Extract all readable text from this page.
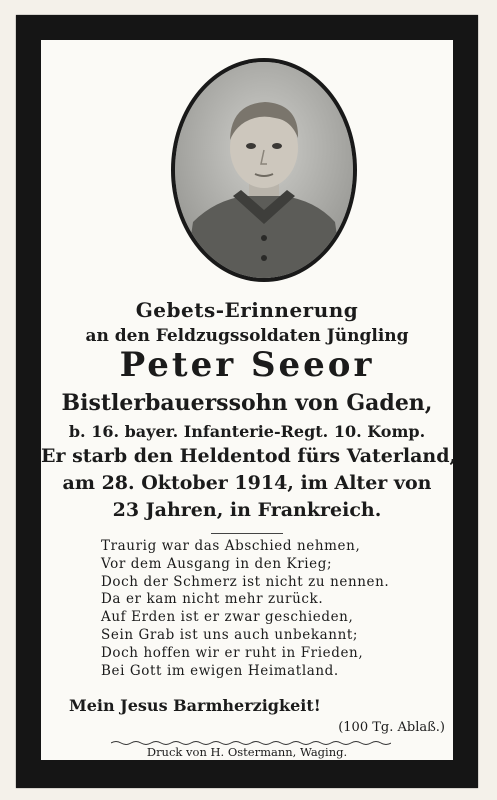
Gebets-Erinnerung
an den Feldzugssoldaten Jüngling
Peter Seeor
Bistlerbauerssohn von Gaden,
b. 16. bayer. Infanterie-Regt. 10. Komp.
Er starb den Heldentod fürs Vaterland,
am 28. Oktober 1914, im Alter von
23 Jahren, in Frankreich.
Traurig war das Abschied nehmen,
Vor dem Ausgang in den Krieg;
Doch der Schmerz ist nicht zu nennen.
Da er kam nicht mehr zurück.
Auf Erden ist er zwar geschieden,
Sein Grab ist uns auch unbekannt;
Doch hoffen wir er ruht in Frieden,
Bei Gott im ewigen Heimatland.
Mein Jesus Barmherzigkeit!
(100 Tg. Ablaß.)
Druck von H. Ostermann, Waging.
